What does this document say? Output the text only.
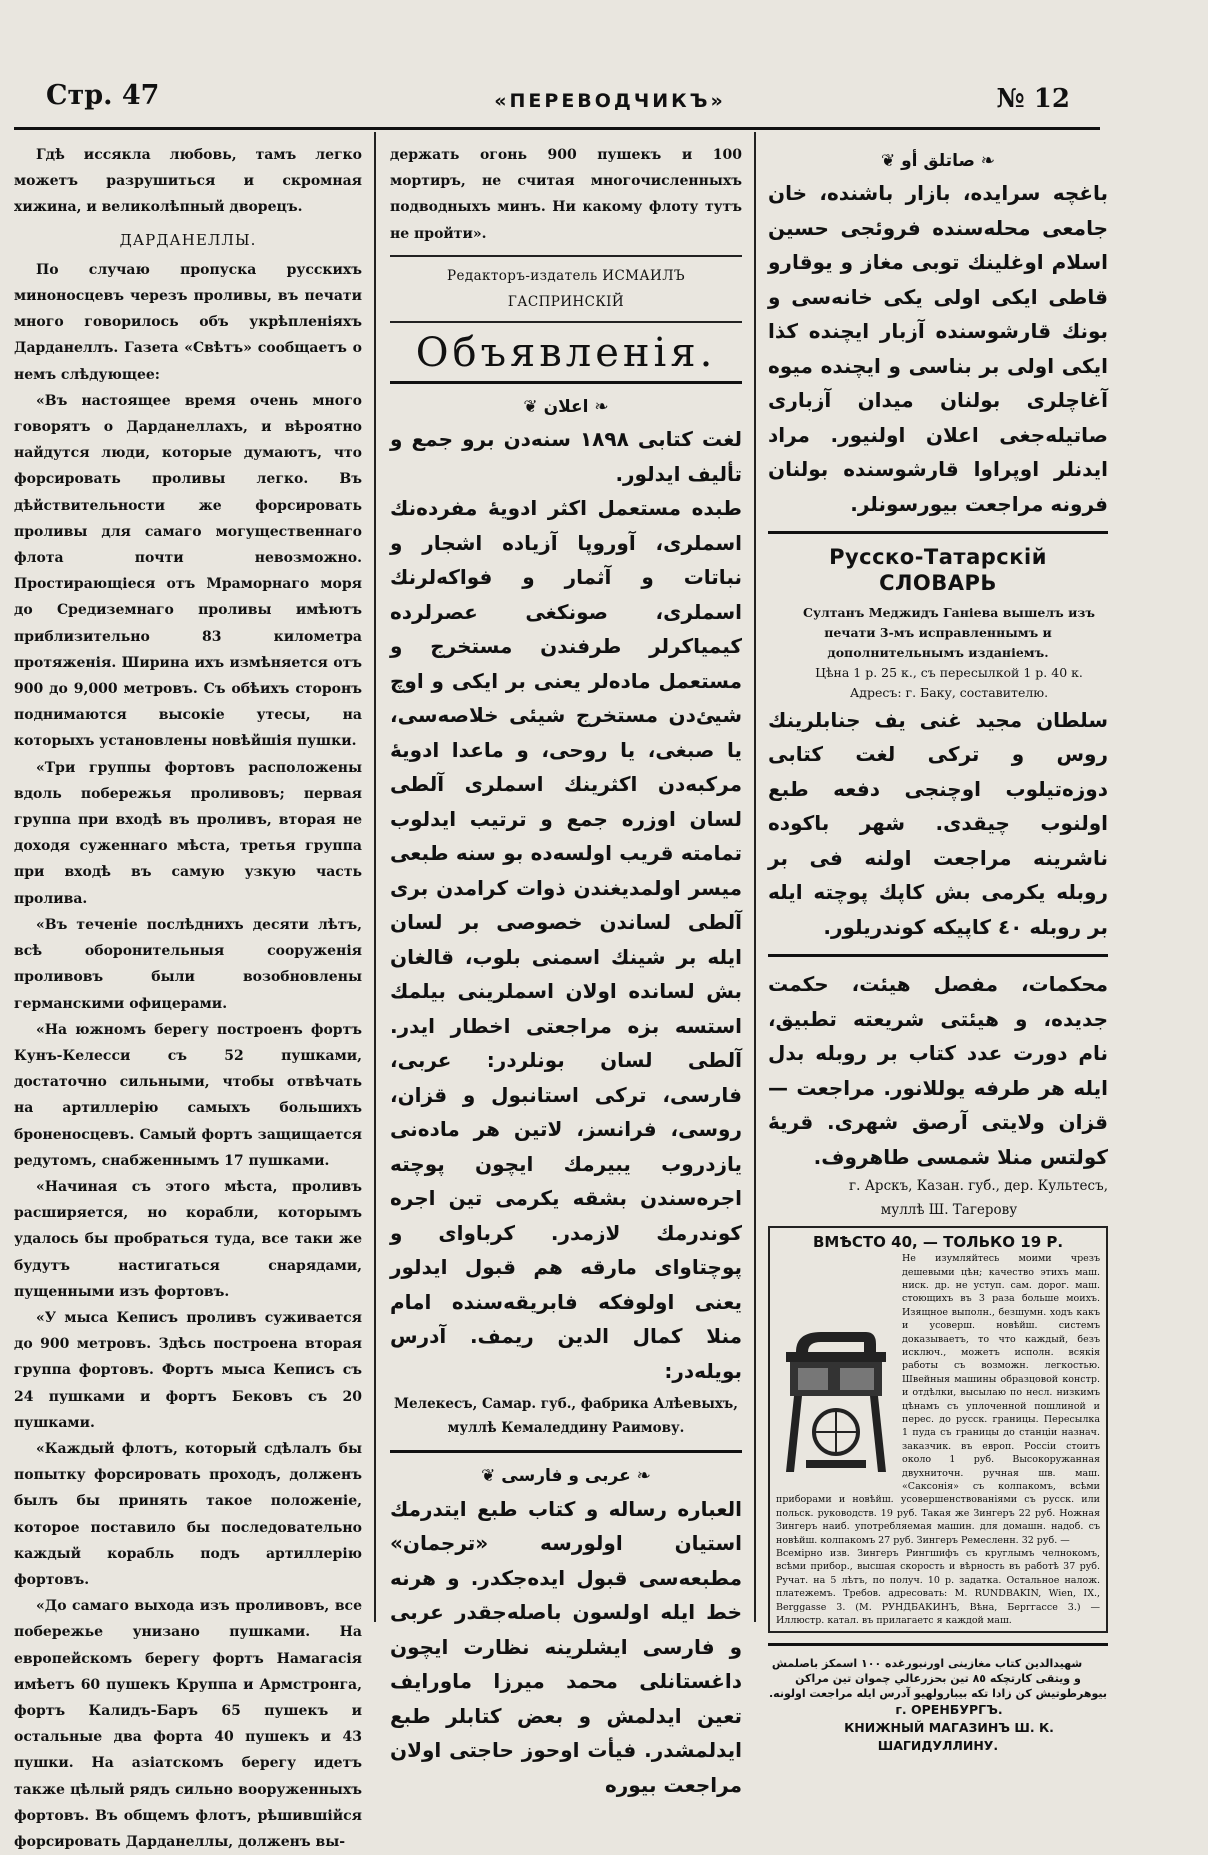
Стр. 47	«ПЕРЕВОДЧИКЪ»	№ 12

Гдѣ иссякла любовь, тамъ легко можетъ разрушиться и скромная хижина, и великолѣпный дворецъ.

ДАРДАНЕЛЛЫ.

По случаю пропуска русскихъ миноносцевъ черезъ проливы, въ печати много говорилось объ укрѣпленіяхъ Дарданеллъ. Газета «Свѣтъ» сообщаетъ о немъ слѣдующее:

«Въ настоящее время очень много говорятъ о Дарданеллахъ, и вѣроятно найдутся люди, которые думаютъ, что форсировать проливы легко. Въ дѣйствительности же форсировать проливы для самаго могущественнаго флота почти невозможно. Простирающіеся отъ Мраморнаго моря до Средиземнаго проливы имѣютъ приблизительно 83 километра протяженія. Ширина ихъ измѣняется отъ 900 до 9,000 метровъ. Съ обѣихъ сторонъ поднимаются высокіе утесы, на которыхъ установлены новѣйшія пушки.

«Три группы фортовъ расположены вдоль побережья проливовъ; первая группа при входѣ въ проливъ, вторая не доходя суженнаго мѣста, третья группа при входѣ въ самую узкую часть пролива.

«Въ теченіе послѣднихъ десяти лѣтъ, всѣ оборонительныя сооруженія проливовъ были возобновлены германскими офицерами.

«На южномъ берегу построенъ фортъ Кунъ-Келесси съ 52 пушками, достаточно сильными, чтобы отвѣчать на артиллерію самыхъ большихъ броненосцевъ. Самый фортъ защищается редутомъ, снабженнымъ 17 пушками.

«Начиная съ этого мѣста, проливъ расширяется, но корабли, которымъ удалось бы пробраться туда, все таки же будутъ настигаться снарядами, пущенными изъ фортовъ.

«У мыса Кеписъ проливъ суживается до 900 метровъ. Здѣсь построена вторая группа фортовъ. Фортъ мыса Кеписъ съ 24 пушками и фортъ Бековъ съ 20 пушками.

«Каждый флотъ, который сдѣлалъ бы попытку форсировать проходъ, долженъ былъ бы принять такое положеніе, которое поставило бы последовательно каждый корабль подъ артиллерію фортовъ.

«До самаго выхода изъ проливовъ, все побережье унизано пушками. На европейскомъ берегу фортъ Намагасія имѣетъ 60 пушекъ Круппа и Армстронга, фортъ Калидъ-Баръ 65 пушекъ и остальные два форта 40 пушекъ и 43 пушки. На азіатскомъ берегу идетъ также цѣлый рядъ сильно вооруженныхъ фортовъ. Въ общемъ флотъ, рѣшившійся форсировать Дарданеллы, долженъ вы-

держать огонь 900 пушекъ и 100 мортиръ, не считая многочисленныхъ подводныхъ минъ. Ни какому флоту тутъ не пройти».

Редакторъ-издатель ИСМАИЛЪ ГАСПРИНСКІЙ
Объявленія.
❦ اعلان ❧

لغت كتابى ١٨٩٨ سنه‌دن برو جمع و تأليف ايدلور.

طبده مستعمل اكثر ادويهٔ مفرده‌نك اسملرى، آوروپا آزياده اشجار و نباتات و آثمار و فواكه‌لرنك اسملرى، صونكغى عصرلرده كيمياكرلر طرفندن مستخرج و مستعمل ماده‌لر يعنى بر ايكى و اوچ شيئ‌دن مستخرج شيئى خلاصه‌سى، يا صبغى، يا روحى، و ماعدا ادويهٔ مركبه‌دن اكثرينك اسملرى آلطى لسان اوزره جمع و ترتيب ايدلوب تمامته قريب اولسه‌ده بو سنه طبعى ميسر اولمديغندن ذوات كرامدن برى آلطى لساندن خصوصى بر لسان ايله بر شينك اسمنى بلوب، قالغان بش لسانده اولان اسملرينى بيلمك استسه بزه مراجعتى اخطار ايدر. آلطى لسان بونلردر: عربى، فارسى، تركى استانبول و قزان، روسى، فرانسز، لاتين هر ماده‌نى يازدروب يبيرمك ايچون پوچته اجره‌سندن بشقه يكرمى تين اجره كوندرمك لازمدر. كرباواى و پوچتاواى مارقه هم قبول ايدلور يعنى اولوفكه فابريقه‌سنده امام منلا كمال الدين ريمف. آدرس بويله‌در:

Мелекесъ, Самар. губ., фабрика Алѣевыхъ,

муллѣ Кемаледдину Раимову.

❦ عربى و فارسى ❧

العباره رساله و كتاب طبع ايتدرمك استيان اولورسه «ترجمان» مطبعه‌سى قبول ايده‌جكدر. و هرنه خط ايله اولسون باصله‌جقدر عربى و فارسى ايشلرينه نظارت ايچون داغستانلى محمد ميرزا ماورايف تعين ايدلمش و بعض كتابلر طبع ايدلمشدر. فيأت اوحوز حاجتى اولان مراجعت بيوره

❦ صاتلق أو ❧

باغچه سرايده، بازار باشنده، خان جامعى محله‌سنده فروئجى حسين اسلام اوغلينك توبى مغاز و يوقارو قاطى ايكى اولى يكى خانه‌سى و بونك قارشوسنده آزبار ايچنده كذا ايكى اولى بر بناسى و ايچنده ميوه آغاچلرى بولنان ميدان آزبارى صاتيله‌جغى اعلان اولنيور. مراد ايدنلر اوپراوا قارشوسنده بولنان فرونه مراجعت بيورسونلر.

Русско-Татарскій СЛОВАРЬ

Султанъ Меджидъ Ганіева вышелъ изъ печати 3-мъ исправленнымъ и дополнительнымъ изданіемъ.

Цѣна 1 р. 25 к., съ пересылкой 1 р. 40 к.

Адресъ: г. Баку, составителю.

سلطان مجيد غنى يف جنابلرينك روس و تركى لغت كتابى دوزه‌تيلوب اوچنجى دفعه طبع اولنوب چيقدى. شهر باكوده ناشرينه مراجعت اولنه فى بر روبله يكرمى بش كاپك پوچته ايله بر روبله ٤٠ كاپيكه كوندريلور.

محكمات، مفصل هيئت، حكمت جديده، و هيئتى شريعته تطبيق، نام دورت عدد كتاب بر روبله بدل ايله هر طرفه يوللانور. مراجعت — قزان ولايتى آرصق شهرى. قريهٔ كولتس منلا شمسى طاهروف.

г. Арскъ, Казан. губ., дер. Культесъ,

муллѣ Ш. Тагерову

ВМѢСТО 40, — ТОЛЬКО 19 Р.

Не изумляйтесь моими чрезъ дешевыми цѣн; качество этихъ маш. ниск. др. не уступ. сам. дорог. маш. стоющихъ въ 3 раза больше моихъ. Изящное выполн., безшумн. ходъ какъ и усоверш. новѣйш. системъ доказываетъ, то что каждый, безъ исключ., можетъ исполн. всякія работы съ возможн. легкостью. Швейныя машины образцовой констр. и отдѣлки, высылаю по несл. низкимъ цѣнамъ съ уплоченной пошлиной и перес. до русск. границы. Пересылка 1 пудa съ границы до станціи назнач. заказчик. въ европ. Россіи стоитъ около 1 руб. Высокоружанная двухниточн. ручная шв. маш. «Саксонія» съ колпакомъ, всѣми приборами и новѣйш. усовершенствованіями съ русск. или польск. руководств. 19 руб. Такая же Зингеръ 22 руб. Ножная Зингеръ наиб. употребляемая машин. для домашн. надоб. съ новѣйш. колпакомъ 27 руб. Зингеръ Ремесленн. 32 руб. —

Всемірно изв. Зингеръ Рингшифъ съ круглымъ челнокомъ, всѣми прибор., высшая скорость и вѣрность въ работѣ 37 руб. Ручат. на 5 лѣтъ, по получ. 10 р. задатка. Остальное налож. платежемъ. Требов. адресовать: M. RUNDBAKIN, Wien, IX., Berggasse 3. (М. РУНДБАКИНЪ, Вѣна, Берггассе 3.) — Иллюстр. катал. въ прилагаетс я каждой маш.

شهيدالدين كتاب مغازينى اورنبورغده ١٠٠ اسمكز باصلمش و ويتقى كارتچكه ٨٥ تين بحزرعالي چموان تين مراكن بيوهرطوتيش كن زادا تكه بيبارولهيو آدرس ايله مراجعت اولونه.

г. ОРЕНБУРГЪ.

КНИЖНЫЙ МАГАЗИНЪ Ш. К. ШАГИДУЛЛИНУ.
